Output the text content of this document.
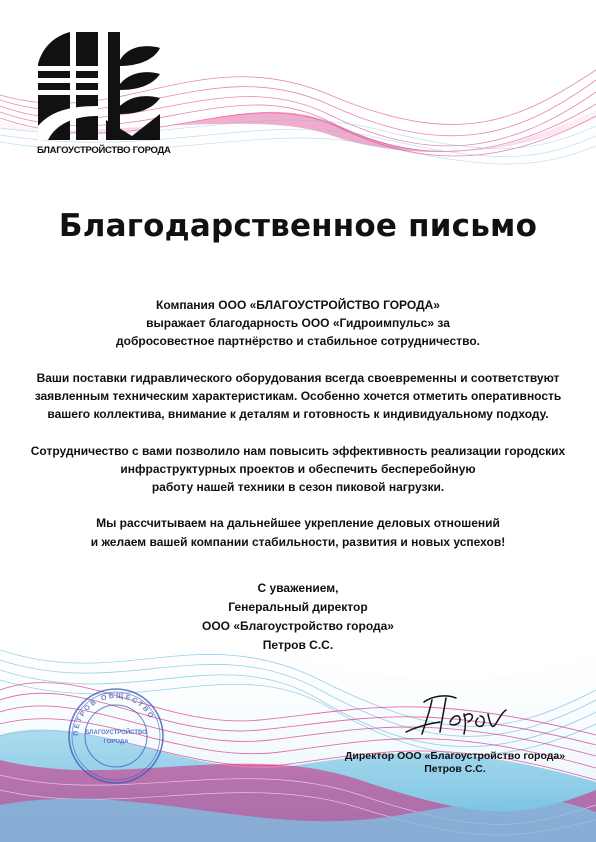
БЛАГОУСТРОЙСТВО ГОРОДА
Благодарственное письмо

Компания ООО «БЛАГОУСТРОЙСТВО ГОРОДА»
выражает благодарность ООО «Гидроимпульс» за
добросовестное партнёрство и стабильное сотрудничество.

Ваши поставки гидравлического оборудования всегда своевременны и соответствуют
заявленным техническим характеристикам. Особенно хочется отметить оперативность
вашего коллектива, внимание к деталям и готовность к индивидуальному подходу.

Сотрудничество с вами позволило нам повысить эффективность реализации городских
инфраструктурных проектов и обеспечить бесперебойную
работу нашей техники в сезон пиковой нагрузки.

Мы рассчитываем на дальнейшее укрепление деловых отношений
и желаем вашей компании стабильности, развития и новых успехов!

С уважением,
Генеральный директор
ООО «Благоустройство города»
Петров С.С.
ПЕТРОВ ОБЩЕСТВО
БЛАГОУСТРОЙСТВО
ГОРОДА
Директор ООО «Благоустройство города»
Петров С.С.
